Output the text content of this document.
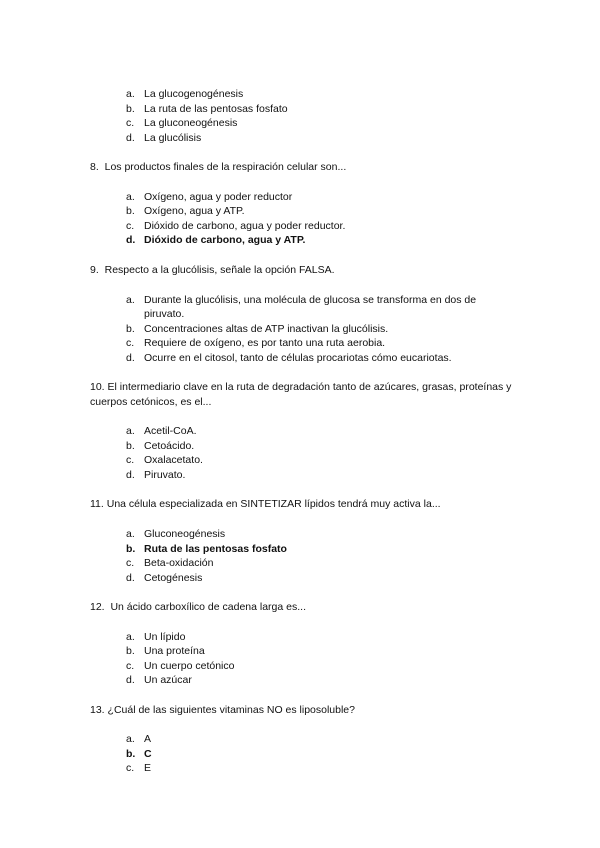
a. La glucogenogénesis
b. La ruta de las pentosas fosfato
c. La gluconeogénesis
d. La glucólisis
8. Los productos finales de la respiración celular son...
a. Oxígeno, agua y poder reductor
b. Oxígeno, agua y ATP.
c. Dióxido de carbono, agua y poder reductor.
d. Dióxido de carbono, agua y ATP.
9. Respecto a la glucólisis, señale la opción FALSA.
a. Durante la glucólisis, una molécula de glucosa se transforma en dos de piruvato.
b. Concentraciones altas de ATP inactivan la glucólisis.
c. Requiere de oxígeno, es por tanto una ruta aerobia.
d. Ocurre en el citosol, tanto de células procariotas cómo eucariotas.
10. El intermediario clave en la ruta de degradación tanto de azúcares, grasas, proteínas y cuerpos cetónicos, es el...
a. Acetil-CoA.
b. Cetoácido.
c. Oxalacetato.
d. Piruvato.
11. Una célula especializada en SINTETIZAR lípidos tendrá muy activa la...
a. Gluconeogénesis
b. Ruta de las pentosas fosfato
c. Beta-oxidación
d. Cetogénesis
12.  Un ácido carboxílico de cadena larga es...
a. Un lípido
b. Una proteína
c. Un cuerpo cetónico
d. Un azúcar
13. ¿Cuál de las siguientes vitaminas NO es liposoluble?
a. A
b. C
c. E
